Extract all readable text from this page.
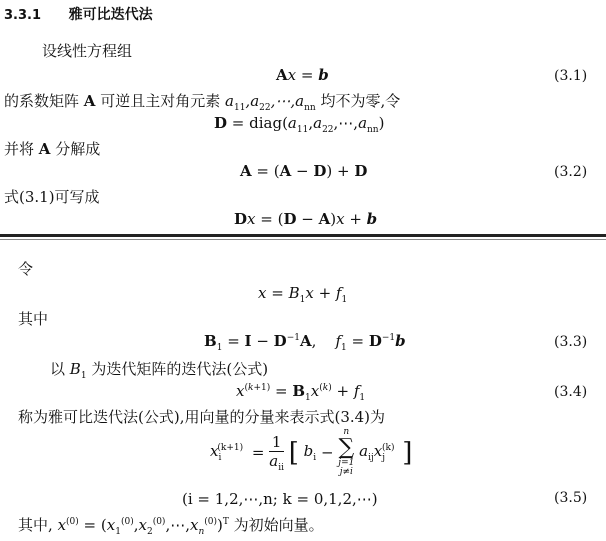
3.3.1 雅可比迭代法
设线性方程组
Ax = b	(3.1)
的系数矩阵 A 可逆且主对角元素 $a_{11},a_{22},\cdots,a_{nn}$ 均不为零,令
$D = diag(a_{11},a_{22},\cdots,a_{nn})$
并将 A 分解成
A = (A − D) + D	(3.2)
式(3.1)可写成
Dx = (D − A)x + b
令
$x = B_1x + f_1$
其中
$B_1 = I - D^{-1}A$,    $f_1 = D^{-1}b$	(3.3)
以 $B_1$ 为迭代矩阵的迭代法(公式)
$x^{(k+1)} = B_1x^{(k)} + f_1$	(3.4)
称为雅可比迭代法(公式),用向量的分量来表示式(3.4)为
$x_i^{(k+1)} = \frac{1}{a_{ii}}$ [ $b_i$ −
n
∑
j=1
j≠i
$a_{ij}x_j^{(k)}$ ]
(i = 1,2,⋯,n; k = 0,1,2,⋯)	(3.5)
其中, $x^{(0)}$ = $(x_1^{(0)},x_2^{(0)},\cdots,x_n^{(0)})^T$ 为初始向量。
